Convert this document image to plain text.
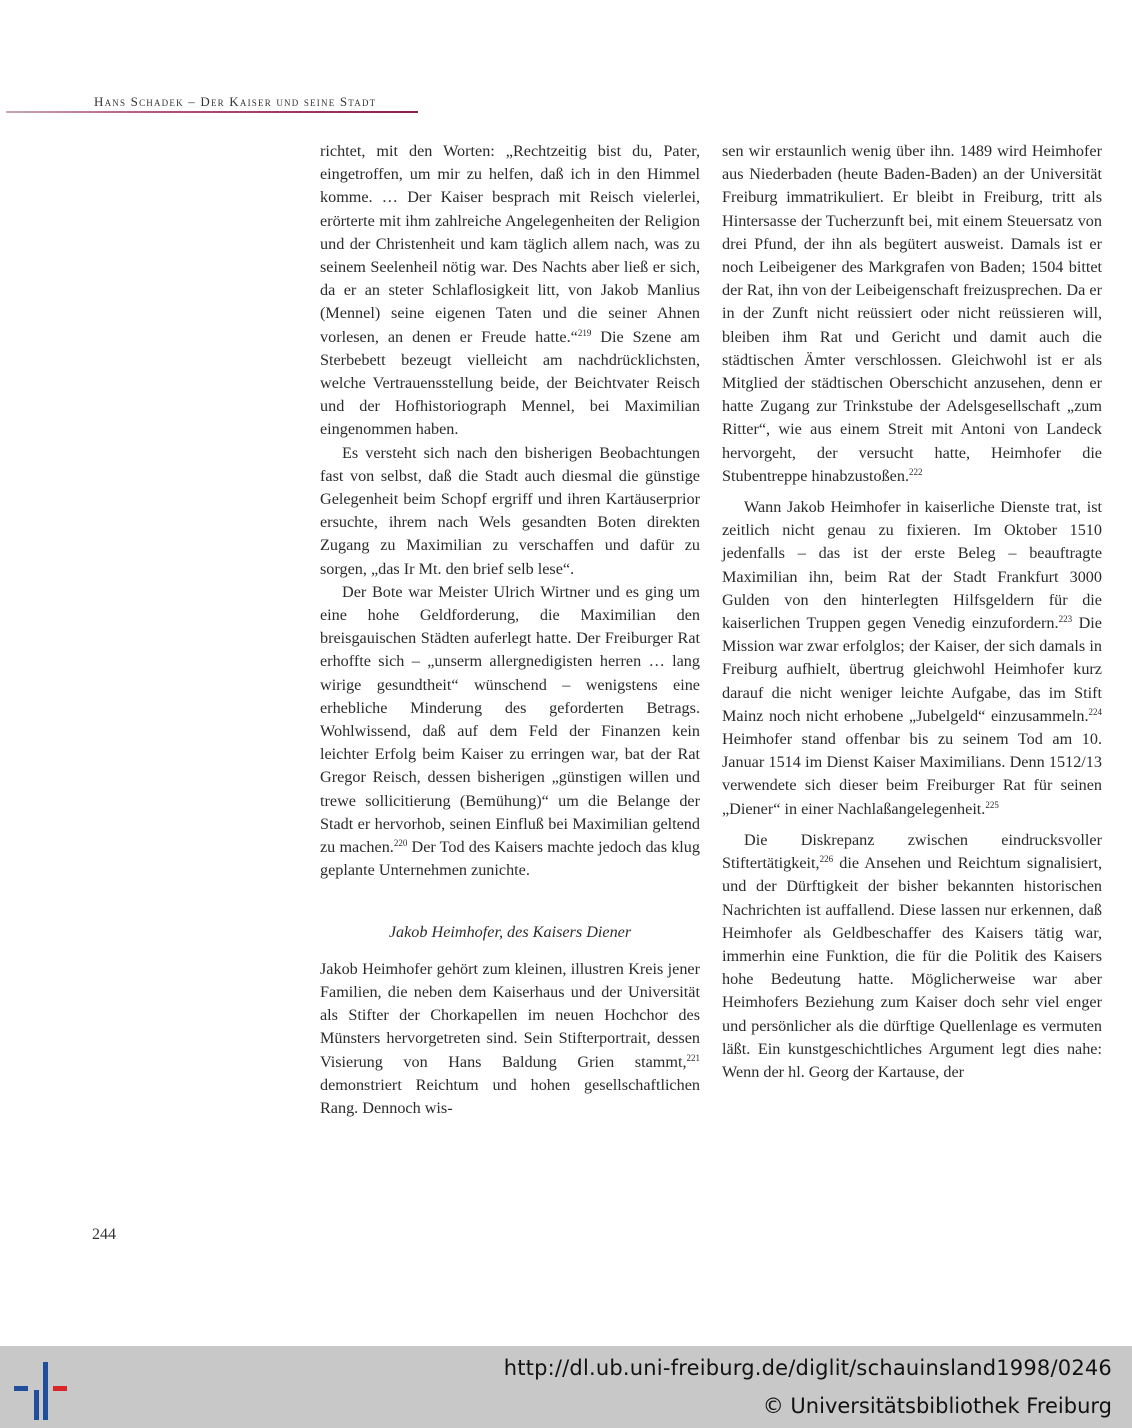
Hans Schadek – Der Kaiser und seine Stadt

richtet, mit den Worten: „Rechtzeitig bist du, Pater, eingetroffen, um mir zu helfen, daß ich in den Himmel komme. … Der Kaiser besprach mit Reisch vielerlei, erörterte mit ihm zahlreiche Angelegenheiten der Religion und der Christenheit und kam täglich allem nach, was zu seinem Seelenheil nötig war. Des Nachts aber ließ er sich, da er an steter Schlaflosigkeit litt, von Jakob Manlius (Mennel) seine eigenen Taten und die seiner Ahnen vorlesen, an denen er Freude hatte.“$^{219}$ Die Szene am Sterbebett bezeugt vielleicht am nachdrücklichsten, welche Vertrauensstellung beide, der Beichtvater Reisch und der Hofhistoriograph Mennel, bei Maximilian eingenommen haben.

Es versteht sich nach den bisherigen Beobachtungen fast von selbst, daß die Stadt auch diesmal die günstige Gelegenheit beim Schopf ergriff und ihren Kartäuserprior ersuchte, ihrem nach Wels gesandten Boten direkten Zugang zu Maximilian zu verschaffen und dafür zu sorgen, „das Ir Mt. den brief selb lese“.

Der Bote war Meister Ulrich Wirtner und es ging um eine hohe Geldforderung, die Maximilian den breisgauischen Städten auferlegt hatte. Der Freiburger Rat erhoffte sich – „unserm allergnedigisten herren … lang wirige gesundtheit“ wünschend – wenigstens eine erhebliche Minderung des geforderten Betrags. Wohlwissend, daß auf dem Feld der Finanzen kein leichter Erfolg beim Kaiser zu erringen war, bat der Rat Gregor Reisch, dessen bisherigen „günstigen willen und trewe sollicitierung (Bemühung)“ um die Belange der Stadt er hervorhob, seinen Einfluß bei Maximilian geltend zu machen.$^{220}$ Der Tod des Kaisers machte jedoch das klug geplante Unternehmen zunichte.

Jakob Heimhofer, des Kaisers Diener

Jakob Heimhofer gehört zum kleinen, illustren Kreis jener Familien, die neben dem Kaiserhaus und der Universität als Stifter der Chorkapellen im neuen Hochchor des Münsters hervorgetreten sind. Sein Stifterportrait, dessen Visierung von Hans Baldung Grien stammt,$^{221}$ demonstriert Reichtum und hohen gesellschaftlichen Rang. Dennoch wis-

sen wir erstaunlich wenig über ihn. 1489 wird Heimhofer aus Niederbaden (heute Baden-Baden) an der Universität Freiburg immatrikuliert. Er bleibt in Freiburg, tritt als Hintersasse der Tucherzunft bei, mit einem Steuersatz von drei Pfund, der ihn als begütert ausweist. Damals ist er noch Leibeigener des Markgrafen von Baden; 1504 bittet der Rat, ihn von der Leibeigenschaft freizusprechen. Da er in der Zunft nicht reüssiert oder nicht reüssieren will, bleiben ihm Rat und Gericht und damit auch die städtischen Ämter verschlossen. Gleichwohl ist er als Mitglied der städtischen Oberschicht anzusehen, denn er hatte Zugang zur Trinkstube der Adelsgesellschaft „zum Ritter“, wie aus einem Streit mit Antoni von Landeck hervorgeht, der versucht hatte, Heimhofer die Stubentreppe hinabzustoßen.$^{222}$

Wann Jakob Heimhofer in kaiserliche Dienste trat, ist zeitlich nicht genau zu fixieren. Im Oktober 1510 jedenfalls – das ist der erste Beleg – beauftragte Maximilian ihn, beim Rat der Stadt Frankfurt 3000 Gulden von den hinterlegten Hilfsgeldern für die kaiserlichen Truppen gegen Venedig einzufordern.$^{223}$ Die Mission war zwar erfolglos; der Kaiser, der sich damals in Freiburg aufhielt, übertrug gleichwohl Heimhofer kurz darauf die nicht weniger leichte Aufgabe, das im Stift Mainz noch nicht erhobene „Jubelgeld“ einzusammeln.$^{224}$ Heimhofer stand offenbar bis zu seinem Tod am 10. Januar 1514 im Dienst Kaiser Maximilians. Denn 1512/13 verwendete sich dieser beim Freiburger Rat für seinen „Diener“ in einer Nachlaßangelegenheit.$^{225}$

Die Diskrepanz zwischen eindrucksvoller Stiftertätigkeit,$^{226}$ die Ansehen und Reichtum signalisiert, und der Dürftigkeit der bisher bekannten historischen Nachrichten ist auffallend. Diese lassen nur erkennen, daß Heimhofer als Geldbeschaffer des Kaisers tätig war, immerhin eine Funktion, die für die Politik des Kaisers hohe Bedeutung hatte. Möglicherweise war aber Heimhofers Beziehung zum Kaiser doch sehr viel enger und persönlicher als die dürftige Quellenlage es vermuten läßt. Ein kunstgeschichtliches Argument legt dies nahe: Wenn der hl. Georg der Kartause, der

244
http://dl.ub.uni-freiburg.de/diglit/schauinsland1998/0246
© Universitätsbibliothek Freiburg
